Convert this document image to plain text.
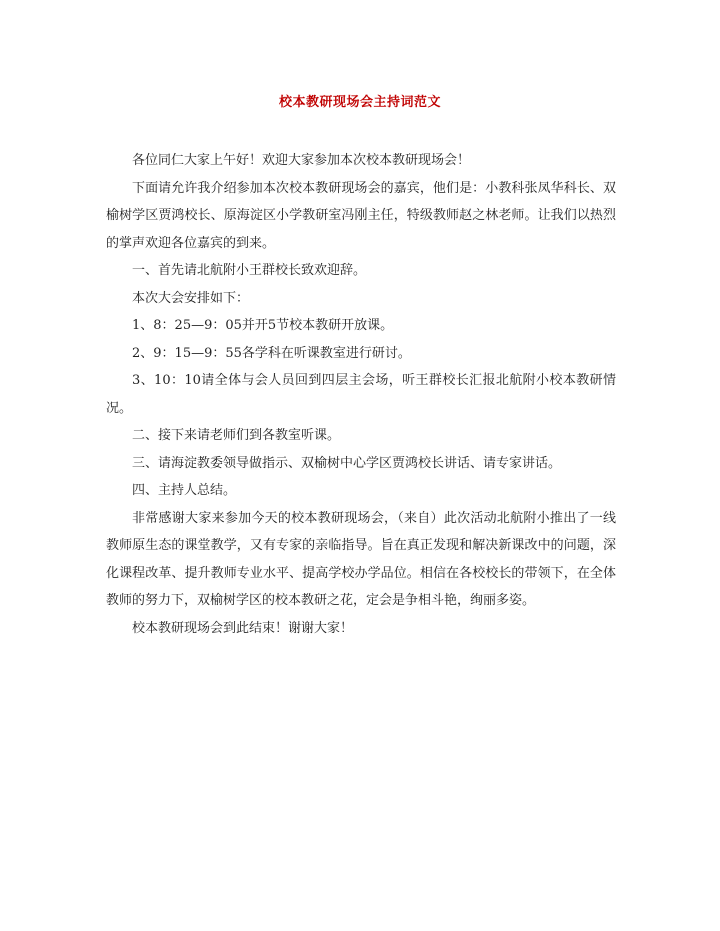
校本教研现场会主持词范文

各位同仁大家上午好！欢迎大家参加本次校本教研现场会！

下面请允许我介绍参加本次校本教研现场会的嘉宾，他们是：小教科张凤华科长、双榆树学区贾鸿校长、原海淀区小学教研室冯刚主任，特级教师赵之林老师。让我们以热烈的掌声欢迎各位嘉宾的到来。

一、首先请北航附小王群校长致欢迎辞。

本次大会安排如下：

1、8：25—9：05并开5节校本教研开放课。

2、9：15—9：55各学科在听课教室进行研讨。

3、10：10请全体与会人员回到四层主会场，听王群校长汇报北航附小校本教研情况。

二、接下来请老师们到各教室听课。

三、请海淀教委领导做指示、双榆树中心学区贾鸿校长讲话、请专家讲话。

四、主持人总结。

非常感谢大家来参加今天的校本教研现场会，（来自）此次活动北航附小推出了一线教师原生态的课堂教学，又有专家的亲临指导。旨在真正发现和解决新课改中的问题，深化课程改革、提升教师专业水平、提高学校办学品位。相信在各校校长的带领下，在全体教师的努力下，双榆树学区的校本教研之花，定会是争相斗艳，绚丽多姿。

校本教研现场会到此结束！谢谢大家！
